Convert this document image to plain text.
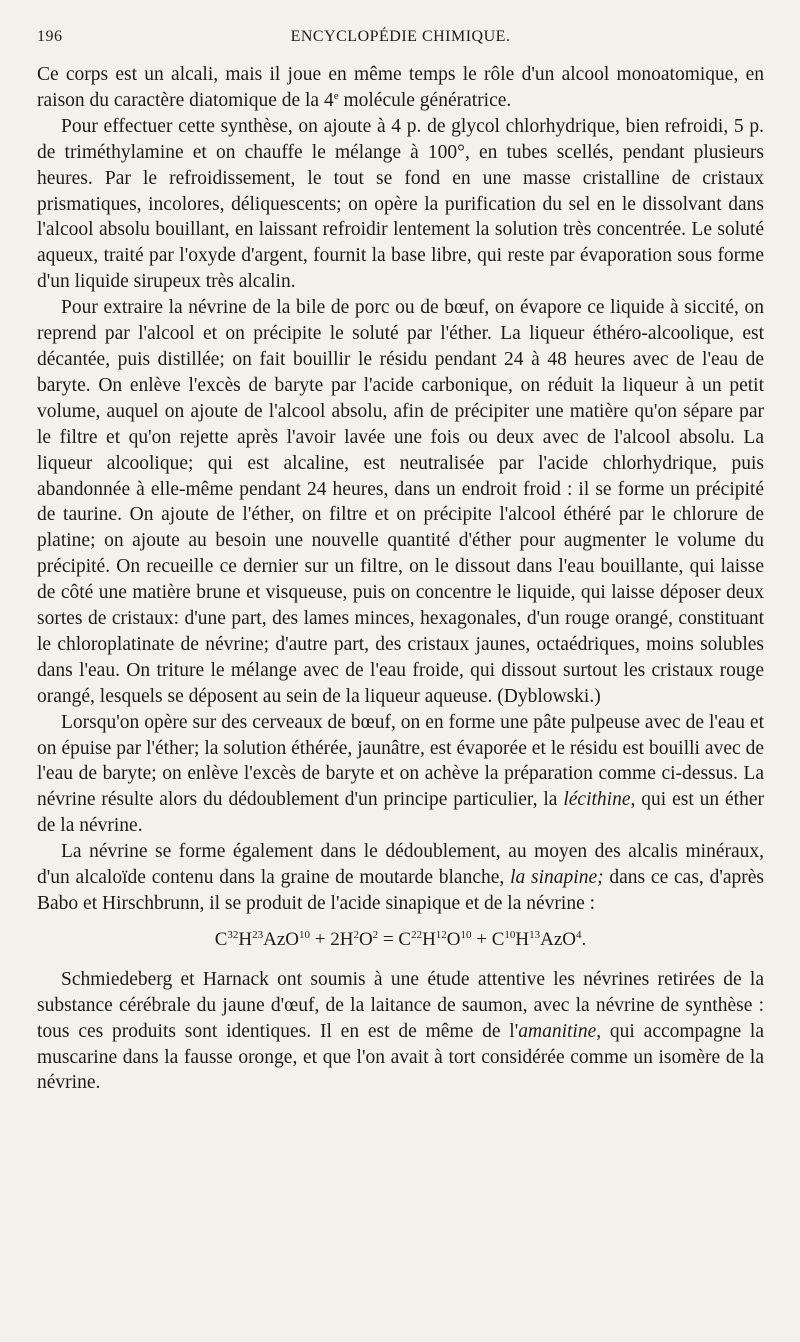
196	ENCYCLOPÉDIE CHIMIQUE.

Ce corps est un alcali, mais il joue en même temps le rôle d'un alcool monoatomique, en raison du caractère diatomique de la 4e molécule génératrice.

Pour effectuer cette synthèse, on ajoute à 4 p. de glycol chlorhydrique, bien refroidi, 5 p. de triméthylamine et on chauffe le mélange à 100°, en tubes scellés, pendant plusieurs heures. Par le refroidissement, le tout se fond en une masse cristalline de cristaux prismatiques, incolores, déliquescents; on opère la purification du sel en le dissolvant dans l'alcool absolu bouillant, en laissant refroidir lentement la solution très concentrée. Le soluté aqueux, traité par l'oxyde d'argent, fournit la base libre, qui reste par évaporation sous forme d'un liquide sirupeux très alcalin.

Pour extraire la névrine de la bile de porc ou de bœuf, on évapore ce liquide à siccité, on reprend par l'alcool et on précipite le soluté par l'éther. La liqueur éthéro-alcoolique, est décantée, puis distillée; on fait bouillir le résidu pendant 24 à 48 heures avec de l'eau de baryte. On enlève l'excès de baryte par l'acide carbonique, on réduit la liqueur à un petit volume, auquel on ajoute de l'alcool absolu, afin de précipiter une matière qu'on sépare par le filtre et qu'on rejette après l'avoir lavée une fois ou deux avec de l'alcool absolu. La liqueur alcoolique; qui est alcaline, est neutralisée par l'acide chlorhydrique, puis abandonnée à elle-même pendant 24 heures, dans un endroit froid : il se forme un précipité de taurine. On ajoute de l'éther, on filtre et on précipite l'alcool éthéré par le chlorure de platine; on ajoute au besoin une nouvelle quantité d'éther pour augmenter le volume du précipité. On recueille ce dernier sur un filtre, on le dissout dans l'eau bouillante, qui laisse de côté une matière brune et visqueuse, puis on concentre le liquide, qui laisse déposer deux sortes de cristaux: d'une part, des lames minces, hexagonales, d'un rouge orangé, constituant le chloroplatinate de névrine; d'autre part, des cristaux jaunes, octaédriques, moins solubles dans l'eau. On triture le mélange avec de l'eau froide, qui dissout surtout les cristaux rouge orangé, lesquels se déposent au sein de la liqueur aqueuse. (Dyblowski.)

Lorsqu'on opère sur des cerveaux de bœuf, on en forme une pâte pulpeuse avec de l'eau et on épuise par l'éther; la solution éthérée, jaunâtre, est évaporée et le résidu est bouilli avec de l'eau de baryte; on enlève l'excès de baryte et on achève la préparation comme ci-dessus. La névrine résulte alors du dédoublement d'un principe particulier, la lécithine, qui est un éther de la névrine.

La névrine se forme également dans le dédoublement, au moyen des alcalis minéraux, d'un alcaloïde contenu dans la graine de moutarde blanche, la sinapine; dans ce cas, d'après Babo et Hirschbrunn, il se produit de l'acide sinapique et de la névrine :

$C^{32}H^{23}AzO^{10} + 2H^2O^2 = C^{22}H^{12}O^{10} + C^{10}H^{13}AzO^4$.

Schmiedeberg et Harnack ont soumis à une étude attentive les névrines retirées de la substance cérébrale du jaune d'œuf, de la laitance de saumon, avec la névrine de synthèse : tous ces produits sont identiques. Il en est de même de l'amanitine, qui accompagne la muscarine dans la fausse oronge, et que l'on avait à tort considérée comme un isomère de la névrine.
